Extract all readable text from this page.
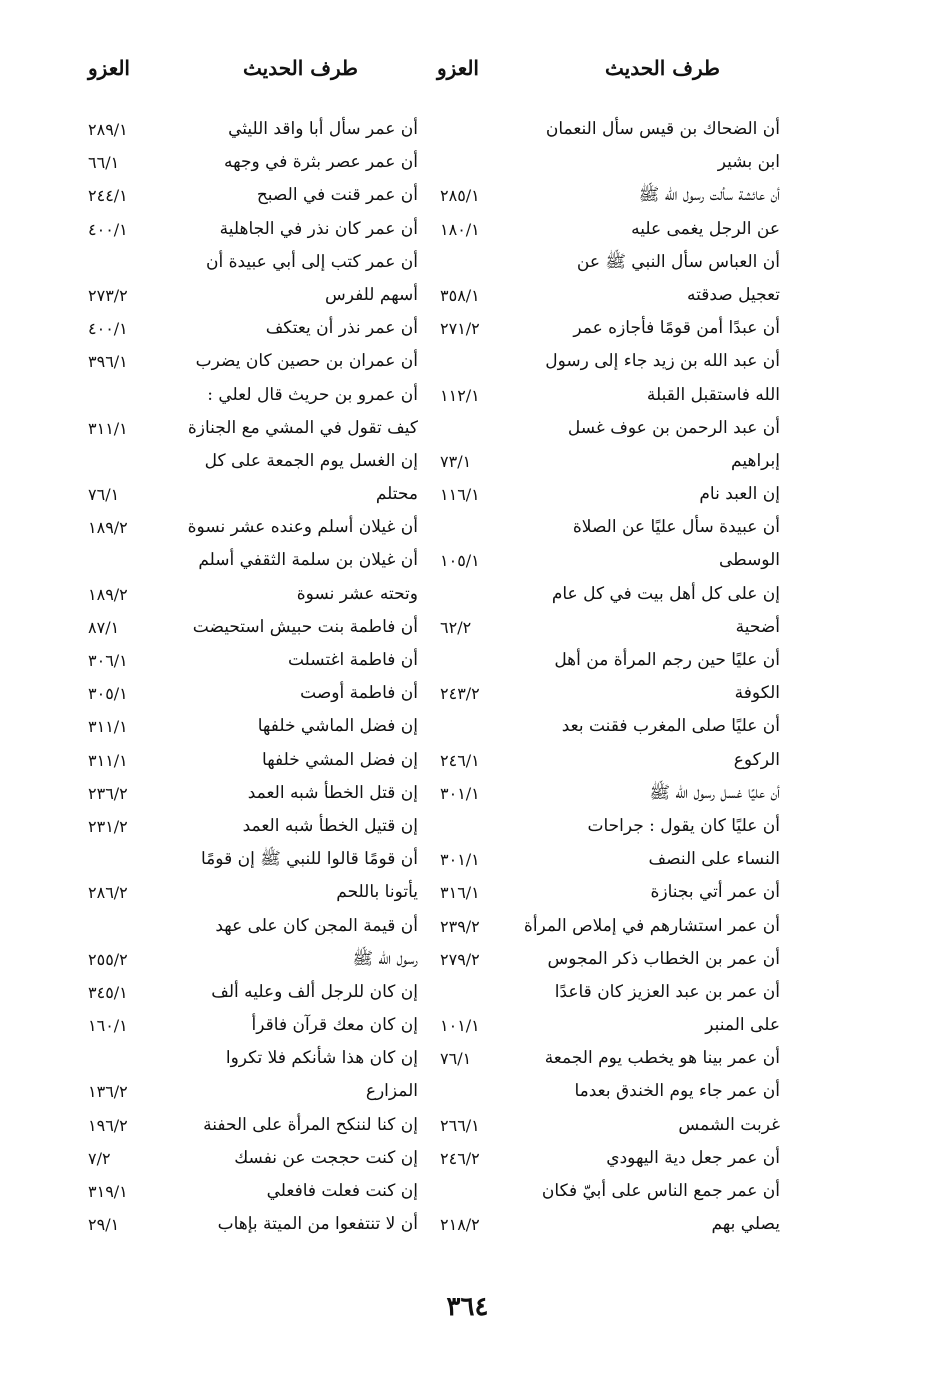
طرف الحديث
العزو
طرف الحديث
العزو
أن الضحاك بن قيس سأل النعمان
ابن بشير
أن عائشة سألت رسول الله ﷺ
٢٨٥/١
عن الرجل يغمى عليه
١٨٠/١
أن العباس سأل النبي ﷺ عن
تعجيل صدقته
٣٥٨/١
أن عبدًا أمن قومًا فأجازه عمر
٢٧١/٢
أن عبد الله بن زيد جاء إلى رسول
الله فاستقبل القبلة
١١٢/١
أن عبد الرحمن بن عوف غسل
إبراهيم
٧٣/١
إن العبد نام
١١٦/١
أن عبيدة سأل عليًا عن الصلاة
الوسطى
١٠٥/١
إن على كل أهل بيت في كل عام
أضحية
٦٢/٢
أن عليًا حين رجم المرأة من أهل
الكوفة
٢٤٣/٢
أن عليًا صلى المغرب فقنت بعد
الركوع
٢٤٦/١
أن عليًا غسل رسول الله ﷺ
٣٠١/١
أن عليًا كان يقول : جراحات
النساء على النصف
٣٠١/١
أن عمر أتي بجنازة
٣١٦/١
أن عمر استشارهم في إملاص المرأة
٢٣٩/٢
أن عمر بن الخطاب ذكر المجوس
٢٧٩/٢
أن عمر بن عبد العزيز كان قاعدًا
على المنبر
١٠١/١
أن عمر بينا هو يخطب يوم الجمعة
٧٦/١
أن عمر جاء يوم الخندق بعدما
غربت الشمس
٢٦٦/١
أن عمر جعل دية اليهودي
٢٤٦/٢
أن عمر جمع الناس على أبيّ فكان
يصلي بهم
٢١٨/٢
أن عمر سأل أبا واقد الليثي
٢٨٩/١
أن عمر عصر بثرة في وجهه
٦٦/١
أن عمر قنت في الصبح
٢٤٤/١
أن عمر كان نذر في الجاهلية
٤٠٠/١
أن عمر كتب إلى أبي عبيدة أن
أسهم للفرس
٢٧٣/٢
أن عمر نذر أن يعتكف
٤٠٠/١
أن عمران بن حصين كان يضرب
٣٩٦/١
أن عمرو بن حريث قال لعلي :
كيف تقول في المشي مع الجنازة
٣١١/١
إن الغسل يوم الجمعة على كل
محتلم
٧٦/١
أن غيلان أسلم وعنده عشر نسوة
١٨٩/٢
أن غيلان بن سلمة الثقفي أسلم
وتحته عشر نسوة
١٨٩/٢
أن فاطمة بنت حبيش استحيضت
٨٧/١
أن فاطمة اغتسلت
٣٠٦/١
أن فاطمة أوصت
٣٠٥/١
إن فضل الماشي خلفها
٣١١/١
إن فضل المشي خلفها
٣١١/١
إن قتل الخطأ شبه العمد
٢٣٦/٢
إن قتيل الخطأ شبه العمد
٢٣١/٢
أن قومًا قالوا للنبي ﷺ إن قومًا
يأتونا باللحم
٢٨٦/٢
أن قيمة المجن كان على عهد
رسول الله ﷺ
٢٥٥/٢
إن كان للرجل ألف وعليه ألف
٣٤٥/١
إن كان معك قرآن فاقرأ
١٦٠/١
إن كان هذا شأنكم فلا تكروا
المزارع
١٣٦/٢
إن كنا لننكح المرأة على الحفنة
١٩٦/٢
إن كنت حججت عن نفسك
٧/٢
إن كنت فعلت فافعلي
٣١٩/١
أن لا تنتفعوا من الميتة بإهاب
٢٩/١
٣٦٤
